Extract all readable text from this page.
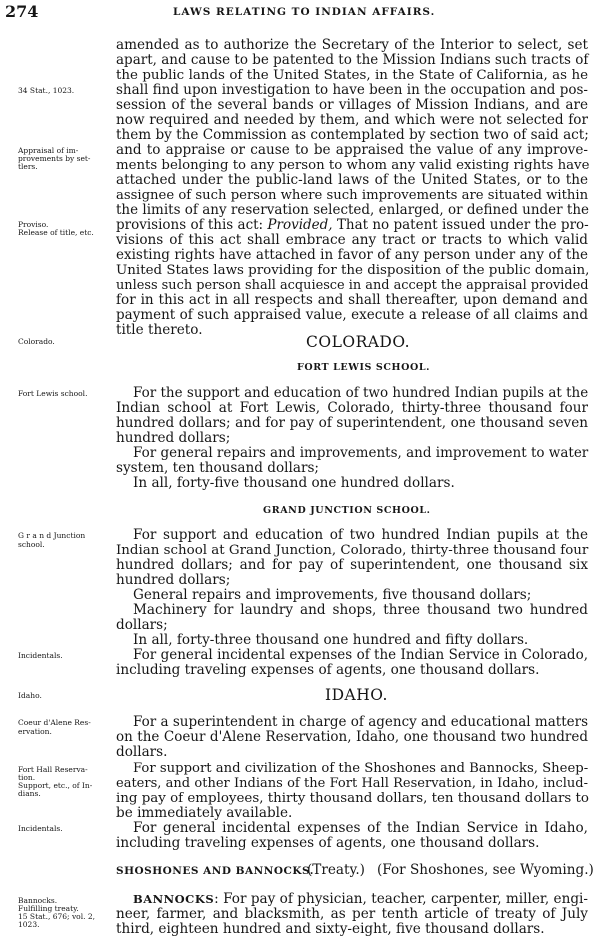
274	LAWS RELATING TO INDIAN AFFAIRS.
34 Stat., 1023.
Appraisal of im-
provements by set-
tlers.
Proviso.
Release of title, etc.
Colorado.
Fort Lewis school.
G r a n d Junction
school.
Incidentals.
Idaho.
Coeur d'Alene Res-
ervation.
Fort Hall Reserva-
tion.
Support, etc., of In-
dians.
Incidentals.
Bannocks.
Fulfilling treaty.
15 Stat., 676; vol. 2,
1023.
amended as to authorize the Secretary of the Interior to select, set
apart, and cause to be patented to the Mission Indians such tracts of
the public lands of the United States, in the State of California, as he
shall find upon investigation to have been in the occupation and pos-
session of the several bands or villages of Mission Indians, and are
now required and needed by them, and which were not selected for
them by the Commission as contemplated by section two of said act;
and to appraise or cause to be appraised the value of any improve-
ments belonging to any person to whom any valid existing rights have
attached under the public-land laws of the United States, or to the
assignee of such person where such improvements are situated within
the limits of any reservation selected, enlarged, or defined under the
provisions of this act: Provided, That no patent issued under the pro-
visions of this act shall embrace any tract or tracts to which valid
existing rights have attached in favor of any person under any of the
United States laws providing for the disposition of the public domain,
unless such person shall acquiesce in and accept the appraisal provided
for in this act in all respects and shall thereafter, upon demand and
payment of such appraised value, execute a release of all claims and
title thereto.
COLORADO.
FORT LEWIS SCHOOL.
For the support and education of two hundred Indian pupils at the
Indian school at Fort Lewis, Colorado, thirty-three thousand four
hundred dollars; and for pay of superintendent, one thousand seven
hundred dollars;
For general repairs and improvements, and improvement to water
system, ten thousand dollars;
In all, forty-five thousand one hundred dollars.
GRAND JUNCTION SCHOOL.
For support and education of two hundred Indian pupils at the
Indian school at Grand Junction, Colorado, thirty-three thousand four
hundred dollars; and for pay of superintendent, one thousand six
hundred dollars;
General repairs and improvements, five thousand dollars;
Machinery for laundry and shops, three thousand two hundred
dollars;
In all, forty-three thousand one hundred and fifty dollars.
For general incidental expenses of the Indian Service in Colorado,
including traveling expenses of agents, one thousand dollars.
IDAHO.
For a superintendent in charge of agency and educational matters
on the Coeur d'Alene Reservation, Idaho, one thousand two hundred
dollars.
For support and civilization of the Shoshones and Bannocks, Sheep-
eaters, and other Indians of the Fort Hall Reservation, in Idaho, includ-
ing pay of employees, thirty thousand dollars, ten thousand dollars to
be immediately available.
For general incidental expenses of the Indian Service in Idaho,
including traveling expenses of agents, one thousand dollars.
SHOSHONES AND BANNOCKS.
(Treaty.) (For Shoshones, see Wyoming.)
BANNOCKS: For pay of physician, teacher, carpenter, miller, engi-
neer, farmer, and blacksmith, as per tenth article of treaty of July
third, eighteen hundred and sixty-eight, five thousand dollars.
